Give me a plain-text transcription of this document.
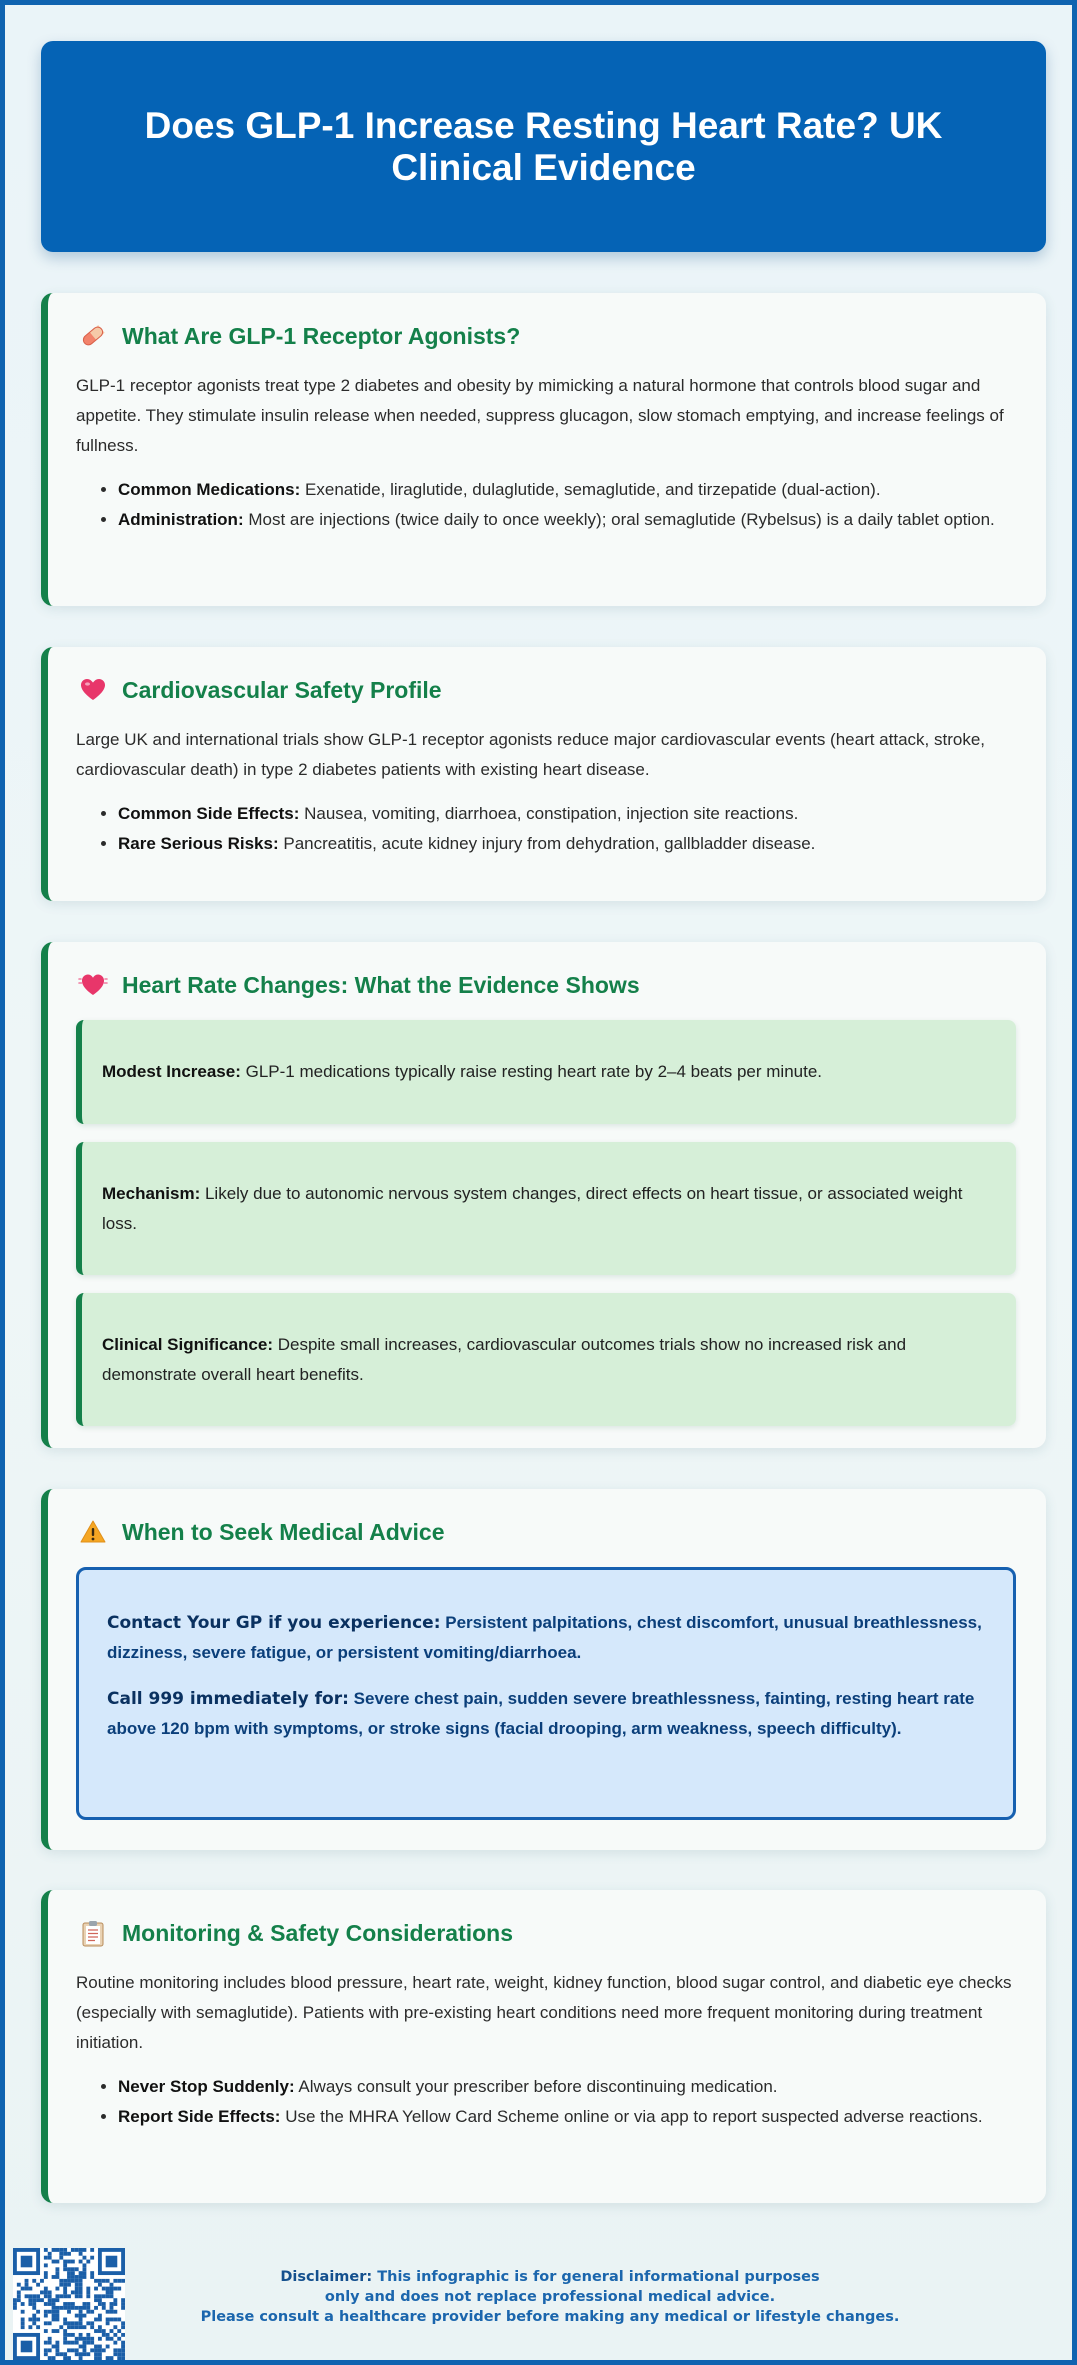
Does GLP-1 Increase Resting Heart Rate? UK Clinical Evidence
What Are GLP-1 Receptor Agonists?

GLP-1 receptor agonists treat type 2 diabetes and obesity by mimicking a natural hormone that controls blood sugar and appetite. They stimulate insulin release when needed, suppress glucagon, slow stomach emptying, and increase feelings of fullness.

• Common Medications: Exenatide, liraglutide, dulaglutide, semaglutide, and tirzepatide (dual-action).
• Administration: Most are injections (twice daily to once weekly); oral semaglutide (Rybelsus) is a daily tablet option.
Cardiovascular Safety Profile

Large UK and international trials show GLP-1 receptor agonists reduce major cardiovascular events (heart attack, stroke, cardiovascular death) in type 2 diabetes patients with existing heart disease.

• Common Side Effects: Nausea, vomiting, diarrhoea, constipation, injection site reactions.
• Rare Serious Risks: Pancreatitis, acute kidney injury from dehydration, gallbladder disease.
Heart Rate Changes: What the Evidence Shows
Modest Increase: GLP-1 medications typically raise resting heart rate by 2–4 beats per minute.
Mechanism: Likely due to autonomic nervous system changes, direct effects on heart tissue, or associated weight loss.
Clinical Significance: Despite small increases, cardiovascular outcomes trials show no increased risk and demonstrate overall heart benefits.
When to Seek Medical Advice

Contact Your GP if you experience: Persistent palpitations, chest discomfort, unusual breathlessness, dizziness, severe fatigue, or persistent vomiting/diarrhoea.

Call 999 immediately for: Severe chest pain, sudden severe breathlessness, fainting, resting heart rate above 120 bpm with symptoms, or stroke signs (facial drooping, arm weakness, speech difficulty).

Monitoring & Safety Considerations

Routine monitoring includes blood pressure, heart rate, weight, kidney function, blood sugar control, and diabetic eye checks (especially with semaglutide). Patients with pre-existing heart conditions need more frequent monitoring during treatment initiation.

• Never Stop Suddenly: Always consult your prescriber before discontinuing medication.
• Report Side Effects: Use the MHRA Yellow Card Scheme online or via app to report suspected adverse reactions.
Disclaimer: This infographic is for general informational purposes
only and does not replace professional medical advice.
Please consult a healthcare provider before making any medical or lifestyle changes.
